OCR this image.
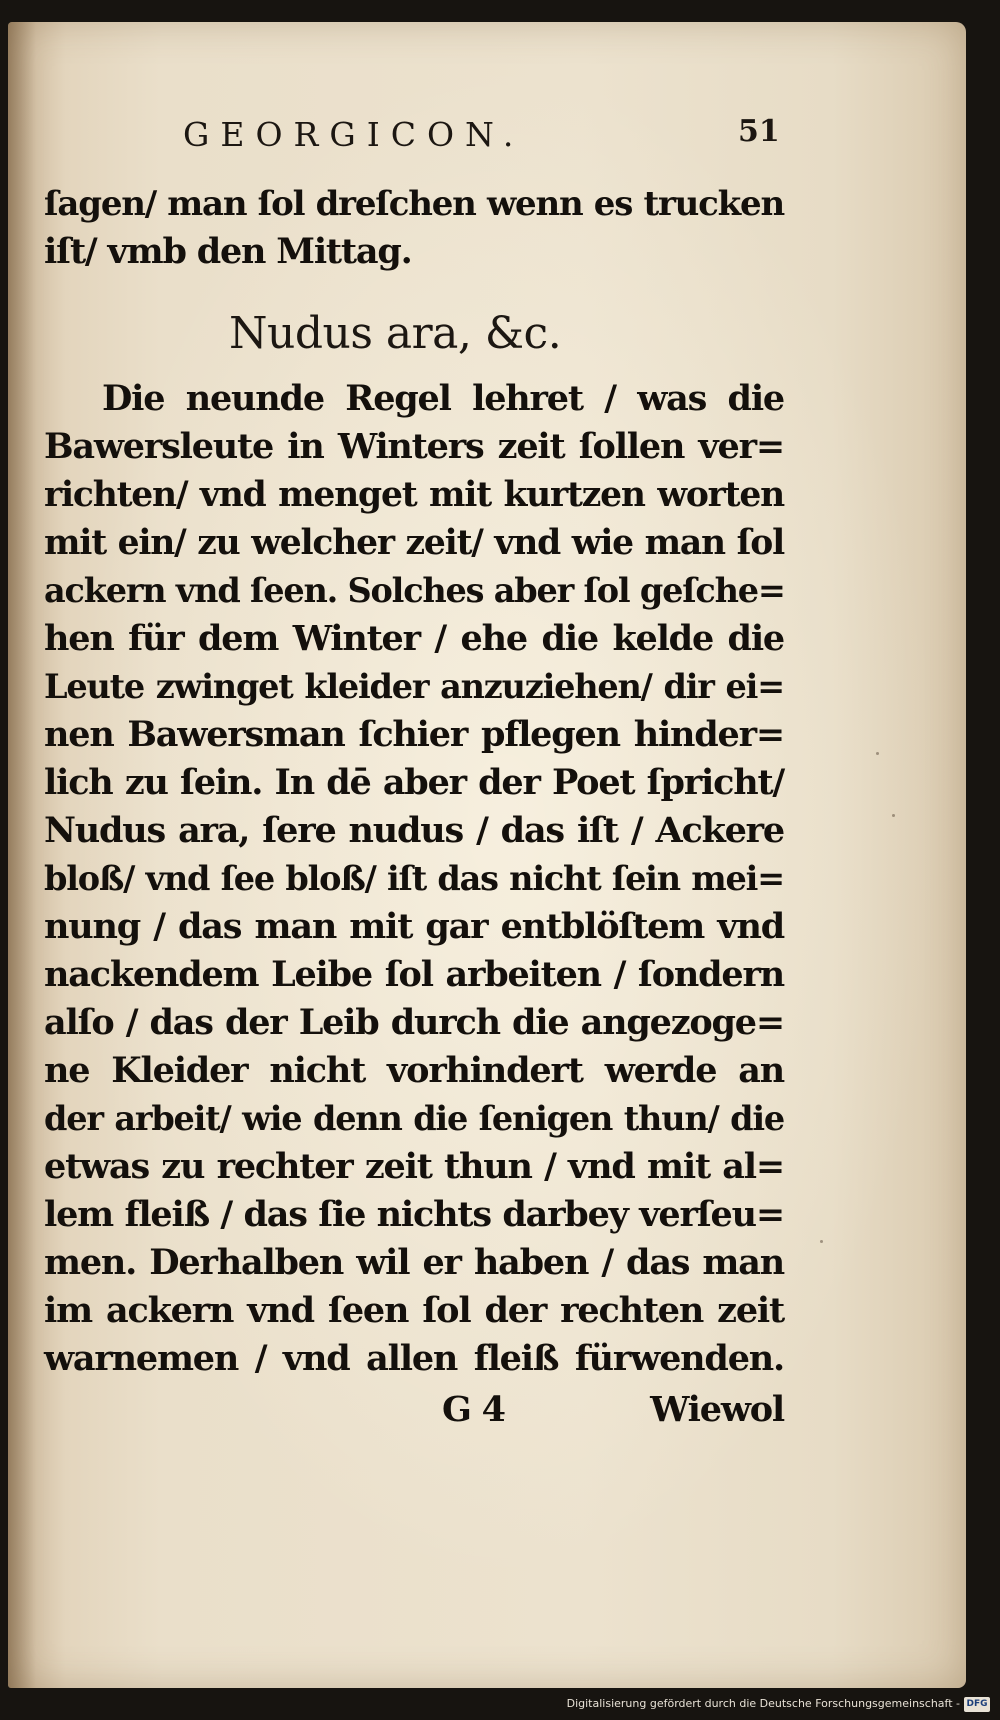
GEORGICON.	51
ſagen/ man ſol dreſchen wenn es trucken
iſt/ vmb den Mittag.
Nudus ara, &c.
Die neunde Regel lehret / was die
Bawersleute in Winters zeit ſollen ver=
richten/ vnd menget mit kurtzen worten
mit ein/ zu welcher zeit/ vnd wie man ſol
ackern vnd ſeen. Solches aber ſol geſche=
hen für dem Winter / ehe die kelde die
Leute zwinget kleider anzuziehen/ dir ei=
nen Bawersman ſchier pflegen hinder=
lich zu ſein. In dē aber der Poet ſpricht/
Nudus ara, ſere nudus / das iſt / Ackere
bloß/ vnd ſee bloß/ iſt das nicht ſein mei=
nung / das man mit gar entblöſtem vnd
nackendem Leibe ſol arbeiten / ſondern
alſo / das der Leib durch die angezoge=
ne Kleider nicht vorhindert werde an
der arbeit/ wie denn die ſenigen thun/ die
etwas zu rechter zeit thun / vnd mit al=
lem fleiß / das ſie nichts darbey verſeu=
men. Derhalben wil er haben / das man
im ackern vnd ſeen ſol der rechten zeit
warnemen / vnd allen fleiß fürwenden.
G 4	Wiewol
Digitalisierung gefördert durch die Deutsche Forschungsgemeinschaft - DFG
